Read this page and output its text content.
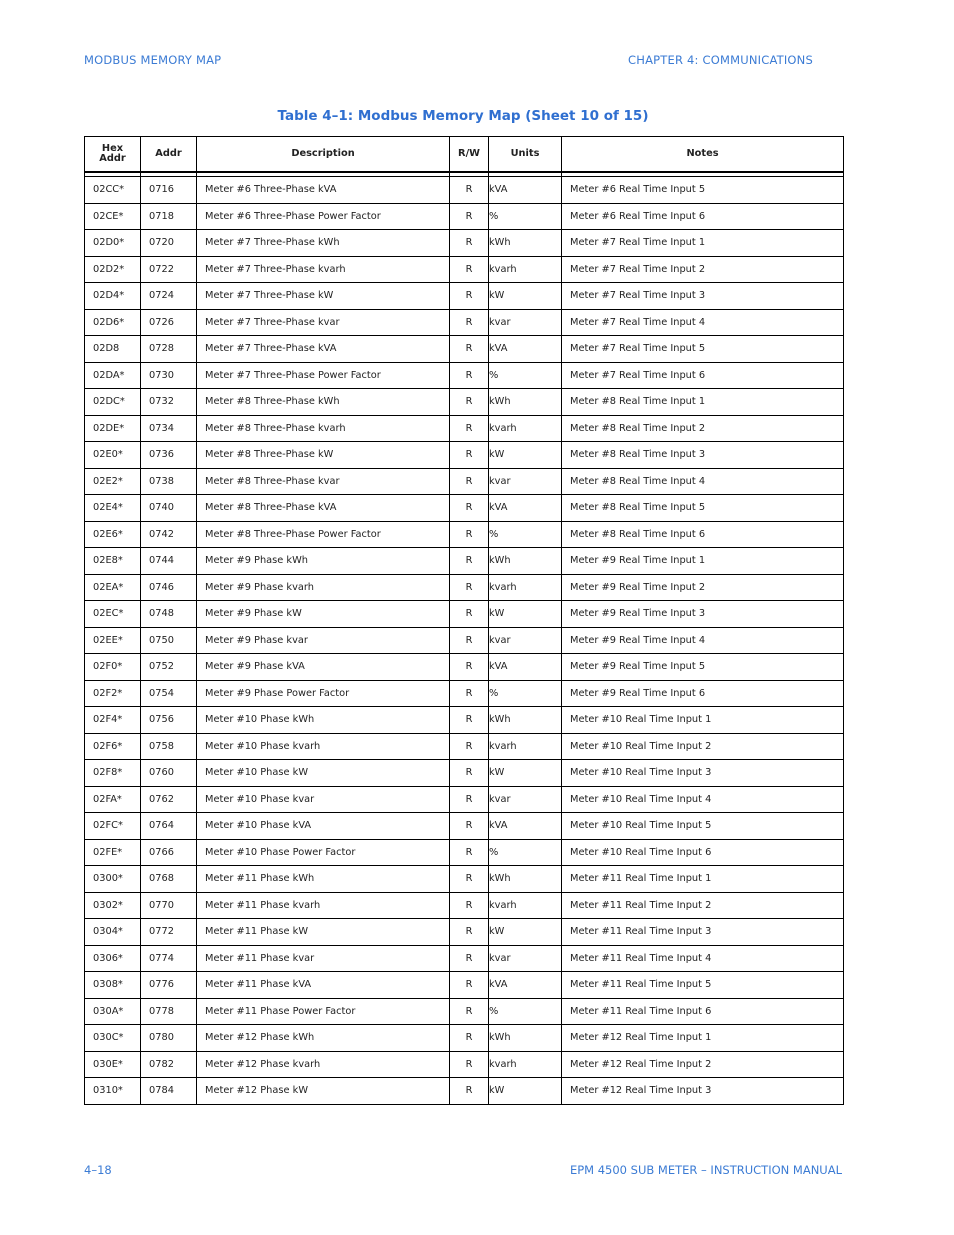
MODBUS MEMORY MAP	CHAPTER 4: COMMUNICATIONS
Table 4–1: Modbus Memory Map (Sheet 10 of 15)
Hex
Addr	Addr	Description	R/W	Units	Notes

02CC*	0716	Meter #6 Three-Phase kVA	R	kVA	Meter #6 Real Time Input 5
02CE*	0718	Meter #6 Three-Phase Power Factor	R	%	Meter #6 Real Time Input 6
02D0*	0720	Meter #7 Three-Phase kWh	R	kWh	Meter #7 Real Time Input 1
02D2*	0722	Meter #7 Three-Phase kvarh	R	kvarh	Meter #7 Real Time Input 2
02D4*	0724	Meter #7 Three-Phase kW	R	kW	Meter #7 Real Time Input 3
02D6*	0726	Meter #7 Three-Phase kvar	R	kvar	Meter #7 Real Time Input 4
02D8	0728	Meter #7 Three-Phase kVA	R	kVA	Meter #7 Real Time Input 5
02DA*	0730	Meter #7 Three-Phase Power Factor	R	%	Meter #7 Real Time Input 6
02DC*	0732	Meter #8 Three-Phase kWh	R	kWh	Meter #8 Real Time Input 1
02DE*	0734	Meter #8 Three-Phase kvarh	R	kvarh	Meter #8 Real Time Input 2
02E0*	0736	Meter #8 Three-Phase kW	R	kW	Meter #8 Real Time Input 3
02E2*	0738	Meter #8 Three-Phase kvar	R	kvar	Meter #8 Real Time Input 4
02E4*	0740	Meter #8 Three-Phase kVA	R	kVA	Meter #8 Real Time Input 5
02E6*	0742	Meter #8 Three-Phase Power Factor	R	%	Meter #8 Real Time Input 6
02E8*	0744	Meter #9 Phase kWh	R	kWh	Meter #9 Real Time Input 1
02EA*	0746	Meter #9 Phase kvarh	R	kvarh	Meter #9 Real Time Input 2
02EC*	0748	Meter #9 Phase kW	R	kW	Meter #9 Real Time Input 3
02EE*	0750	Meter #9 Phase kvar	R	kvar	Meter #9 Real Time Input 4
02F0*	0752	Meter #9 Phase kVA	R	kVA	Meter #9 Real Time Input 5
02F2*	0754	Meter #9 Phase Power Factor	R	%	Meter #9 Real Time Input 6
02F4*	0756	Meter #10 Phase kWh	R	kWh	Meter #10 Real Time Input 1
02F6*	0758	Meter #10 Phase kvarh	R	kvarh	Meter #10 Real Time Input 2
02F8*	0760	Meter #10 Phase kW	R	kW	Meter #10 Real Time Input 3
02FA*	0762	Meter #10 Phase kvar	R	kvar	Meter #10 Real Time Input 4
02FC*	0764	Meter #10 Phase kVA	R	kVA	Meter #10 Real Time Input 5
02FE*	0766	Meter #10 Phase Power Factor	R	%	Meter #10 Real Time Input 6
0300*	0768	Meter #11 Phase kWh	R	kWh	Meter #11 Real Time Input 1
0302*	0770	Meter #11 Phase kvarh	R	kvarh	Meter #11 Real Time Input 2
0304*	0772	Meter #11 Phase kW	R	kW	Meter #11 Real Time Input 3
0306*	0774	Meter #11 Phase kvar	R	kvar	Meter #11 Real Time Input 4
0308*	0776	Meter #11 Phase kVA	R	kVA	Meter #11 Real Time Input 5
030A*	0778	Meter #11 Phase Power Factor	R	%	Meter #11 Real Time Input 6
030C*	0780	Meter #12 Phase kWh	R	kWh	Meter #12 Real Time Input 1
030E*	0782	Meter #12 Phase kvarh	R	kvarh	Meter #12 Real Time Input 2
0310*	0784	Meter #12 Phase kW	R	kW	Meter #12 Real Time Input 3
4–18	EPM 4500 SUB METER – INSTRUCTION MANUAL
